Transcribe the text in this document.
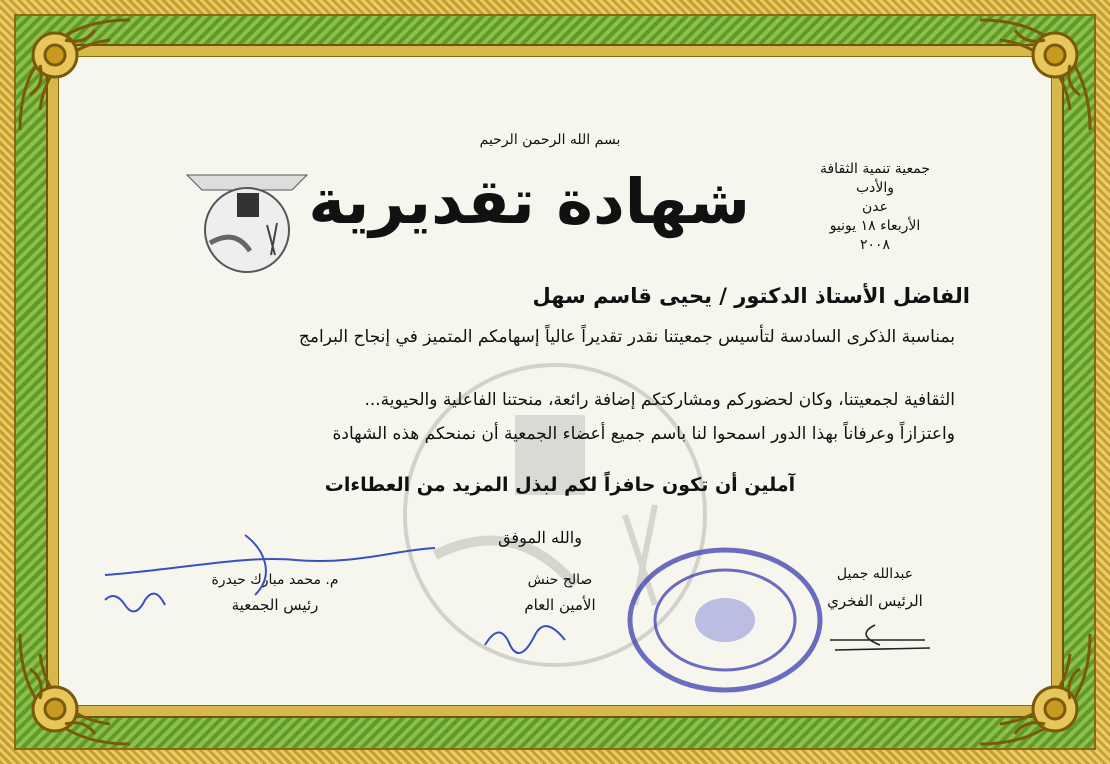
بسم الله الرحمن الرحيم
شهادة تقديرية	جمعية تنمية الثقافة
والأدب
عدن
الأربعاء ١٨ يونيو
٢٠٠٨
الفاضل الأستاذ الدكتور / يحيى قاسم سهل
بمناسبة الذكرى السادسة لتأسيس جمعيتنا نقدر تقديراً عالياً إسهامكم المتميز في إنجاح البرامج
الثقافية لجمعيتنا، وكان لحضوركم ومشاركتكم إضافة رائعة، منحتنا الفاعلية والحيوية...
واعتزازاً وعرفاناً بهذا الدور اسمحوا لنا باسم جميع أعضاء الجمعية أن نمنحكم هذه الشهادة
آملين أن تكون حافزاً لكم لبذل المزيد من العطاءات
والله الموفق
م. محمد مبارك حيدرة
رئيس الجمعية
صالح حنش
الأمين العام
عبدالله جميل
الرئيس الفخري
